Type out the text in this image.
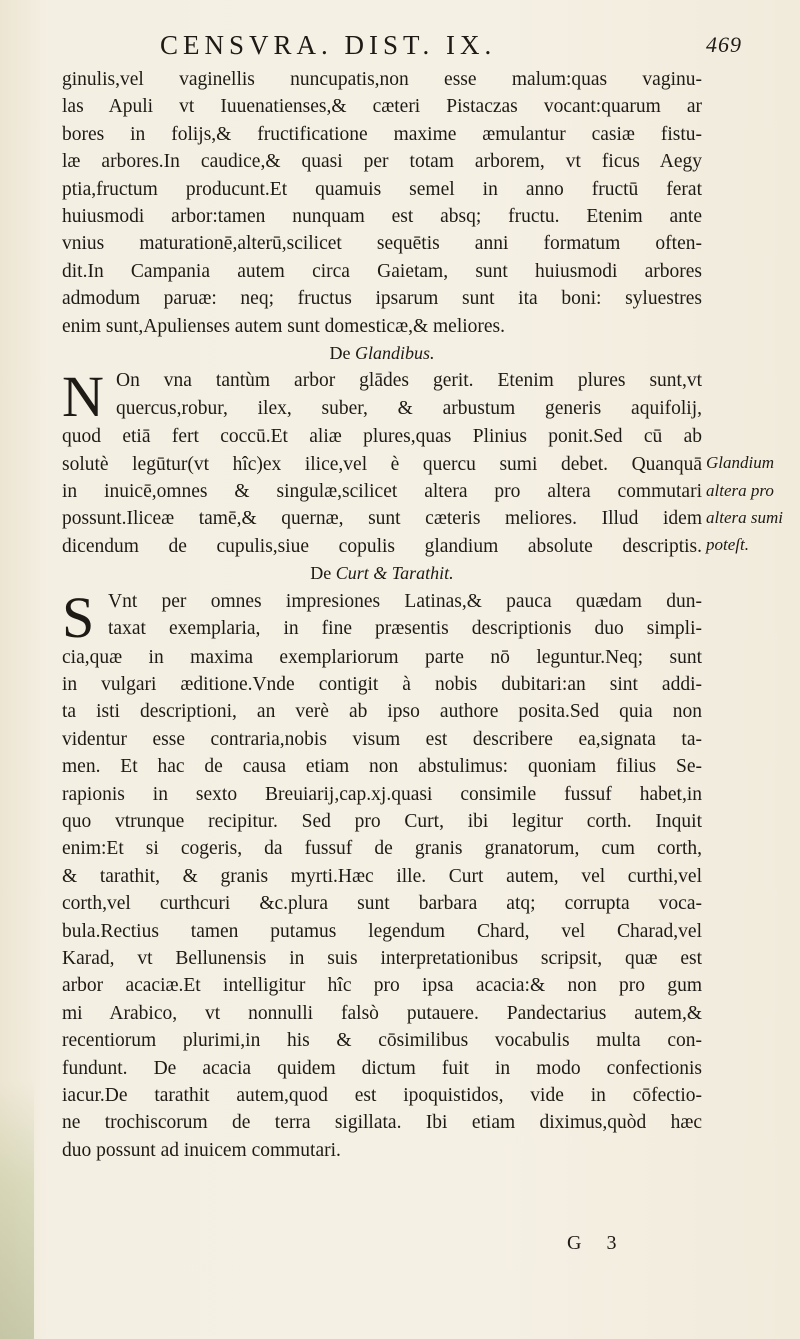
CENSVRA. DIST. IX.	469
ginulis,vel vaginellis nuncupatis,non esse malum:quas vaginu-
las Apuli vt Iuuenatienses,& cæteri Pistaczas vocant:quarum ar
bores in folijs,& fructificatione maxime æmulantur casiæ fistu-
læ arbores.In caudice,& quasi per totam arborem, vt ficus Aegy
ptia,fructum producunt.Et quamuis semel in anno fructū ferat
huiusmodi arbor:tamen nunquam est absq; fructu. Etenim ante
vnius maturationē,alterū,scilicet sequētis anni formatum often-
dit.In Campania autem circa Gaietam, sunt huiusmodi arbores
admodum paruæ: neq; fructus ipsarum sunt ita boni: syluestres
enim sunt,Apulienses autem sunt domesticæ,& meliores.
De Glandibus.
N On vna tantùm arbor glādes gerit. Etenim plures sunt,vt
quercus,robur, ilex, suber, & arbustum generis aquifolij,
quod etiā fert coccū.Et aliæ plures,quas Plinius ponit.Sed cū ab
solutè legūtur(vt hîc)ex ilice,vel è quercu sumi debet. Quanquā
in inuicē,omnes & singulæ,scilicet altera pro altera commutari
possunt.Iliceæ tamē,& quernæ, sunt cæteris meliores. Illud idem
dicendum de cupulis,siue copulis glandium absolute descriptis.
De Curt & Tarathit.
S Vnt per omnes impresiones Latinas,& pauca quædam dun-
taxat exemplaria, in fine præsentis descriptionis duo simpli-
cia,quæ in maxima exemplariorum parte nō leguntur.Neq; sunt
in vulgari æditione.Vnde contigit à nobis dubitari:an sint addi-
ta isti descriptioni, an verè ab ipso authore posita.Sed quia non
videntur esse contraria,nobis visum est describere ea,signata ta-
men. Et hac de causa etiam non abstulimus: quoniam filius Se-
rapionis in sexto Breuiarij,cap.xj.quasi consimile fussuf habet,in
quo vtrunque recipitur. Sed pro Curt, ibi legitur corth. Inquit
enim:Et si cogeris, da fussuf de granis granatorum, cum corth,
& tarathit, & granis myrti.Hæc ille. Curt autem, vel curthi,vel
corth,vel curthcuri &c.plura sunt barbara atq; corrupta voca-
bula.Rectius tamen putamus legendum Chard, vel Charad,vel
Karad, vt Bellunensis in suis interpretationibus scripsit, quæ est
arbor acaciæ.Et intelligitur hîc pro ipsa acacia:& non pro gum
mi Arabico, vt nonnulli falsò putauere. Pandectarius autem,&
recentiorum plurimi,in his & cōsimilibus vocabulis multa con-
fundunt. De acacia quidem dictum fuit in modo confectionis
iacur.De tarathit autem,quod est ipoquistidos, vide in cōfectio-
ne trochiscorum de terra sigillata. Ibi etiam diximus,quòd hæc
duo possunt ad inuicem commutari.
Glandium
altera pro
altera sumi
poteſt.
G 3
